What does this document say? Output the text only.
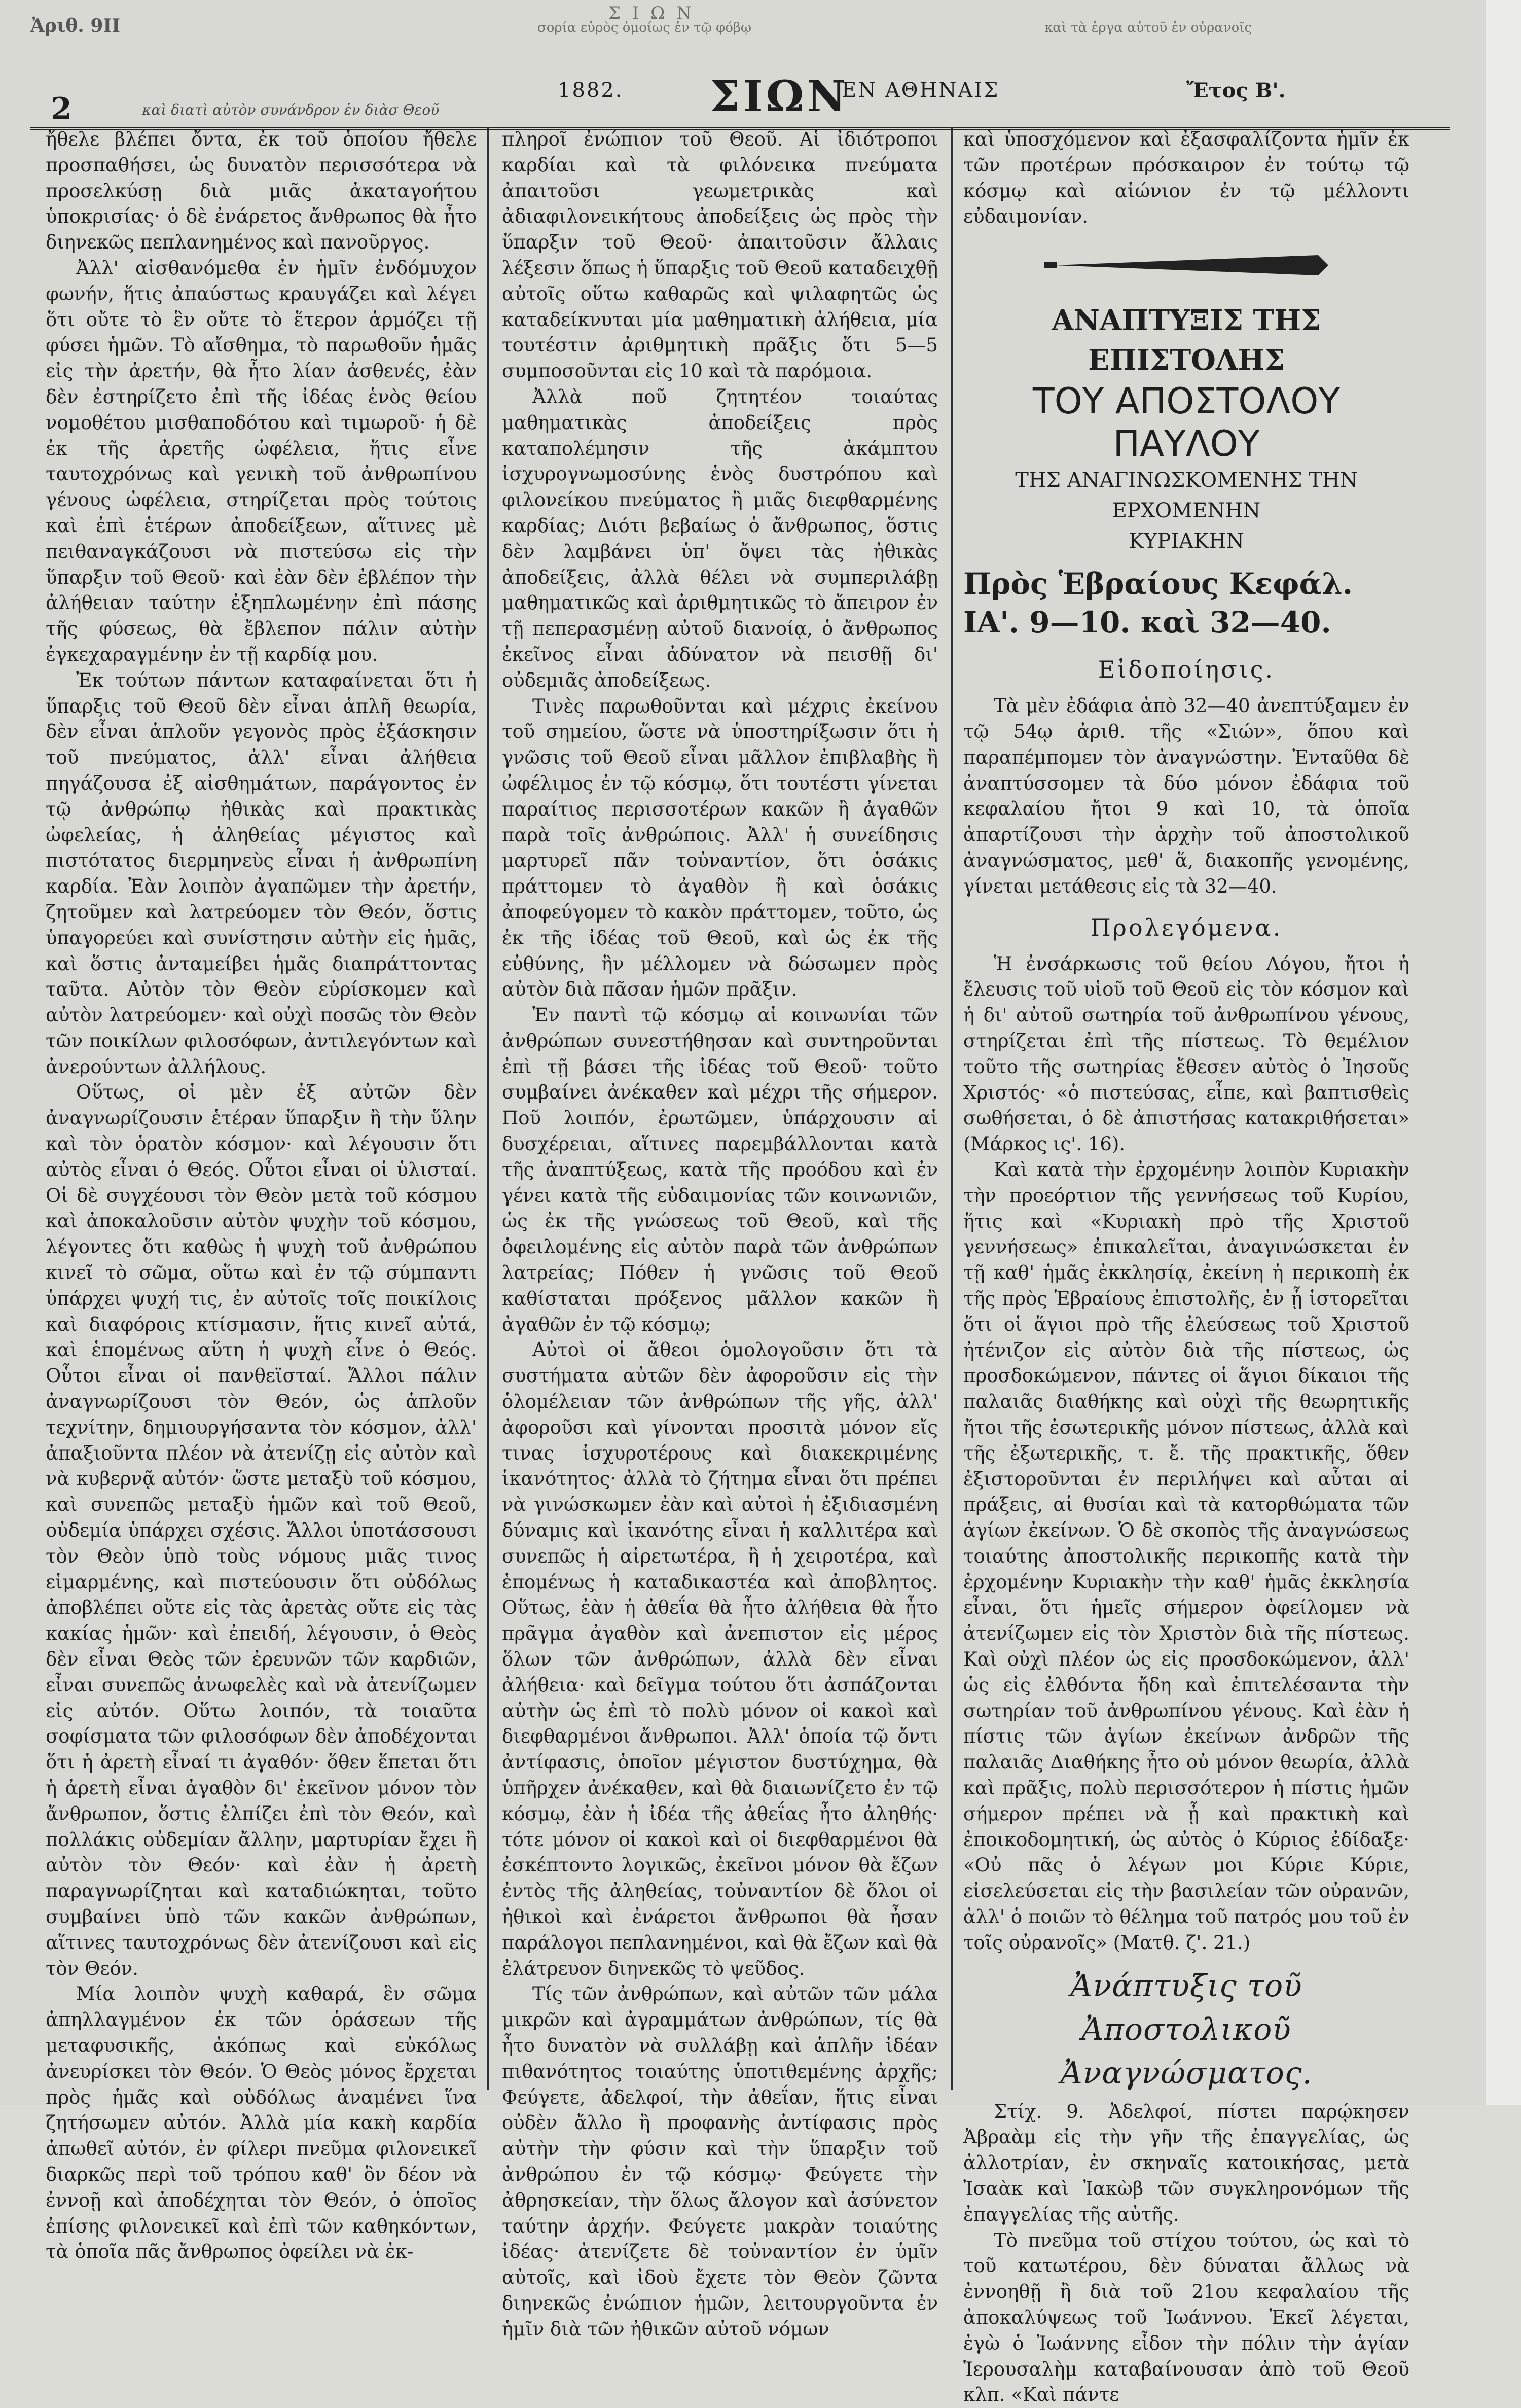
Σ Ι Ω Ν
Ἀριθ. 9ΙΙ	σορία εὐρὸς ὁμοίως ἐν τῷ φόβῳ	καὶ τὰ ἐργα αὐτοῦ ἐν οὐρανοῖς
2	καὶ διατὶ αὐτὸν συνάνδρον ἐν διὰσ Θεοῦ
1882. ΣΙΩΝ
ΕΝ ΑΘΗΝΑΙΣ	Ἔτος Β'.

ἤθελε βλέπει ὄντα, ἐκ τοῦ ὁποίου ἤθελε προσπαθήσει, ὡς δυνατὸν περισσότερα νὰ προσελκύσῃ διὰ μιᾶς ἀκαταγοήτου ὑποκρισίας· ὁ δὲ ἐνάρετος ἄνθρωπος θὰ ἦτο διηνεκῶς πεπλανημένος καὶ πανοῦργος.

Ἀλλ' αἰσθανόμεθα ἐν ἡμῖν ἐνδόμυχον φωνήν, ἥτις ἀπαύστως κραυγάζει καὶ λέγει ὅτι οὔτε τὸ ἓν οὔτε τὸ ἕτερον ἁρμόζει τῇ φύσει ἡμῶν. Τὸ αἴσθημα, τὸ παρωθοῦν ἡμᾶς εἰς τὴν ἀρετήν, θὰ ἦτο λίαν ἀσθενές, ἐὰν δὲν ἐστηρίζετο ἐπὶ τῆς ἰδέας ἑνὸς θείου νομοθέτου μισθαποδότου καὶ τιμωροῦ· ἡ δὲ ἐκ τῆς ἀρετῆς ὠφέλεια, ἥτις εἶνε ταυτοχρόνως καὶ γενικὴ τοῦ ἀνθρωπίνου γένους ὠφέλεια, στηρίζεται πρὸς τούτοις καὶ ἐπὶ ἑτέρων ἀποδείξεων, αἵτινες μὲ πειθαναγκάζουσι νὰ πιστεύσω εἰς τὴν ὕπαρξιν τοῦ Θεοῦ· καὶ ἐὰν δὲν ἐβλέπον τὴν ἀλήθειαν ταύτην ἐξηπλωμένην ἐπὶ πάσης τῆς φύσεως, θὰ ἔβλεπον πάλιν αὐτὴν ἐγκεχαραγμένην ἐν τῇ καρδίᾳ μου.

Ἐκ τούτων πάντων καταφαίνεται ὅτι ἡ ὕπαρξις τοῦ Θεοῦ δὲν εἶναι ἁπλῆ θεωρία, δὲν εἶναι ἁπλοῦν γεγονὸς πρὸς ἐξάσκησιν τοῦ πνεύματος, ἀλλ' εἶναι ἀλήθεια πηγάζουσα ἐξ αἰσθημάτων, παράγοντος ἐν τῷ ἀνθρώπῳ ἠθικὰς καὶ πρακτικὰς ὠφελείας, ἡ ἀληθείας μέγιστος καὶ πιστότατος διερμηνεὺς εἶναι ἡ ἀνθρωπίνη καρδία. Ἐὰν λοιπὸν ἀγαπῶμεν τὴν ἀρετήν, ζητοῦμεν καὶ λατρεύομεν τὸν Θεόν, ὅστις ὑπαγορεύει καὶ συνίστησιν αὐτὴν εἰς ἡμᾶς, καὶ ὅστις ἀνταμείβει ἡμᾶς διαπράττοντας ταῦτα. Αὐτὸν τὸν Θεὸν εὑρίσκομεν καὶ αὐτὸν λατρεύομεν· καὶ οὐχὶ ποσῶς τὸν Θεὸν τῶν ποικίλων φιλοσόφων, ἀντιλεγόντων καὶ ἀνερούντων ἀλλήλους.

Οὕτως, οἱ μὲν ἐξ αὐτῶν δὲν ἀναγνωρίζουσιν ἑτέραν ὕπαρξιν ἢ τὴν ὕλην καὶ τὸν ὁρατὸν κόσμον· καὶ λέγουσιν ὅτι αὐτὸς εἶναι ὁ Θεός. Οὗτοι εἶναι οἱ ὑλισταί. Οἱ δὲ συγχέουσι τὸν Θεὸν μετὰ τοῦ κόσμου καὶ ἀποκαλοῦσιν αὐτὸν ψυχὴν τοῦ κόσμου, λέγοντες ὅτι καθὼς ἡ ψυχὴ τοῦ ἀνθρώπου κινεῖ τὸ σῶμα, οὕτω καὶ ἐν τῷ σύμπαντι ὑπάρχει ψυχή τις, ἐν αὐτοῖς τοῖς ποικίλοις καὶ διαφόροις κτίσμασιν, ἥτις κινεῖ αὐτά, καὶ ἑπομένως αὕτη ἡ ψυχὴ εἶνε ὁ Θεός. Οὗτοι εἶναι οἱ πανθεϊσταί. Ἄλλοι πάλιν ἀναγνωρίζουσι τὸν Θεόν, ὡς ἁπλοῦν τεχνίτην, δημιουργήσαντα τὸν κόσμον, ἀλλ' ἀπαξιοῦντα πλέον νὰ ἀτενίζῃ εἰς αὐτὸν καὶ νὰ κυβερνᾷ αὐτόν· ὥστε μεταξὺ τοῦ κόσμου, καὶ συνεπῶς μεταξὺ ἡμῶν καὶ τοῦ Θεοῦ, οὐδεμία ὑπάρχει σχέσις. Ἄλλοι ὑποτάσσουσι τὸν Θεὸν ὑπὸ τοὺς νόμους μιᾶς τινος εἱμαρμένης, καὶ πιστεύουσιν ὅτι οὐδόλως ἀποβλέπει οὔτε εἰς τὰς ἀρετὰς οὔτε εἰς τὰς κακίας ἡμῶν· καὶ ἐπειδή, λέγουσιν, ὁ Θεὸς δὲν εἶναι Θεὸς τῶν ἐρευνῶν τῶν καρδιῶν, εἶναι συνεπῶς ἀνωφελὲς καὶ νὰ ἀτενίζωμεν εἰς αὐτόν. Οὕτω λοιπόν, τὰ τοιαῦτα σοφίσματα τῶν φιλοσόφων δὲν ἀποδέχονται ὅτι ἡ ἀρετὴ εἶναί τι ἀγαθόν· ὅθεν ἕπεται ὅτι ἡ ἀρετὴ εἶναι ἀγαθὸν δι' ἐκεῖνον μόνον τὸν ἄνθρωπον, ὅστις ἐλπίζει ἐπὶ τὸν Θεόν, καὶ πολλάκις οὐδεμίαν ἄλλην, μαρτυρίαν ἔχει ἢ αὐτὸν τὸν Θεόν· καὶ ἐὰν ἡ ἀρετὴ παραγνωρίζηται καὶ καταδιώκηται, τοῦτο συμβαίνει ὑπὸ τῶν κακῶν ἀνθρώπων, αἵτινες ταυτοχρόνως δὲν ἀτενίζουσι καὶ εἰς τὸν Θεόν.

Μία λοιπὸν ψυχὴ καθαρά, ἓν σῶμα ἀπηλλαγμένον ἐκ τῶν ὁράσεων τῆς μεταφυσικῆς, ἀκόπως καὶ εὐκόλως ἀνευρίσκει τὸν Θεόν. Ὁ Θεὸς μόνος ἔρχεται πρὸς ἡμᾶς καὶ οὐδόλως ἀναμένει ἵνα ζητήσωμεν αὐτόν. Ἀλλὰ μία κακὴ καρδία ἀπωθεῖ αὐτόν, ἐν φίλερι πνεῦμα φιλονεικεῖ διαρκῶς περὶ τοῦ τρόπου καθ' ὃν δέον νὰ ἐννοῇ καὶ ἀποδέχηται τὸν Θεόν, ὁ ὁποῖος ἐπίσης φιλονεικεῖ καὶ ἐπὶ τῶν καθηκόντων, τὰ ὁποῖα πᾶς ἄνθρωπος ὀφείλει νὰ ἐκ-

πληροῖ ἐνώπιον τοῦ Θεοῦ. Αἱ ἰδιότροποι καρδίαι καὶ τὰ φιλόνεικα πνεύματα ἀπαιτοῦσι γεωμετρικὰς καὶ ἀδιαφιλονεικήτους ἀποδείξεις ὡς πρὸς τὴν ὕπαρξιν τοῦ Θεοῦ· ἀπαιτοῦσιν ἄλλαις λέξεσιν ὅπως ἡ ὕπαρξις τοῦ Θεοῦ καταδειχθῇ αὐτοῖς οὕτω καθαρῶς καὶ ψιλαφητῶς ὡς καταδείκνυται μία μαθηματικὴ ἀλήθεια, μία τουτέστιν ἀριθμητικὴ πρᾶξις ὅτι 5—5 συμποσοῦνται εἰς 10 καὶ τὰ παρόμοια.

Ἀλλὰ ποῦ ζητητέον τοιαύτας μαθηματικὰς ἀποδείξεις πρὸς καταπολέμησιν τῆς ἀκάμπτου ἰσχυρογνωμοσύνης ἑνὸς δυστρόπου καὶ φιλονείκου πνεύματος ἢ μιᾶς διεφθαρμένης καρδίας; Διότι βεβαίως ὁ ἄνθρωπος, ὅστις δὲν λαμβάνει ὑπ' ὄψει τὰς ἠθικὰς ἀποδείξεις, ἀλλὰ θέλει νὰ συμπεριλάβῃ μαθηματικῶς καὶ ἀριθμητικῶς τὸ ἄπειρον ἐν τῇ πεπερασμένῃ αὐτοῦ διανοίᾳ, ὁ ἄνθρωπος ἐκεῖνος εἶναι ἀδύνατον νὰ πεισθῇ δι' οὐδεμιᾶς ἀποδείξεως.

Τινὲς παρωθοῦνται καὶ μέχρις ἐκείνου τοῦ σημείου, ὥστε νὰ ὑποστηρίξωσιν ὅτι ἡ γνῶσις τοῦ Θεοῦ εἶναι μᾶλλον ἐπιβλαβὴς ἢ ὠφέλιμος ἐν τῷ κόσμῳ, ὅτι τουτέστι γίνεται παραίτιος περισσοτέρων κακῶν ἢ ἀγαθῶν παρὰ τοῖς ἀνθρώποις. Ἀλλ' ἡ συνείδησις μαρτυρεῖ πᾶν τοὐναντίον, ὅτι ὁσάκις πράττομεν τὸ ἀγαθὸν ἢ καὶ ὁσάκις ἀποφεύγομεν τὸ κακὸν πράττομεν, τοῦτο, ὡς ἐκ τῆς ἰδέας τοῦ Θεοῦ, καὶ ὡς ἐκ τῆς εὐθύνης, ἣν μέλλομεν νὰ δώσωμεν πρὸς αὐτὸν διὰ πᾶσαν ἡμῶν πρᾶξιν.

Ἐν παντὶ τῷ κόσμῳ αἱ κοινωνίαι τῶν ἀνθρώπων συνεστήθησαν καὶ συντηροῦνται ἐπὶ τῇ βάσει τῆς ἰδέας τοῦ Θεοῦ· τοῦτο συμβαίνει ἀνέκαθεν καὶ μέχρι τῆς σήμερον. Ποῦ λοιπόν, ἐρωτῶμεν, ὑπάρχουσιν αἱ δυσχέρειαι, αἵτινες παρεμβάλλονται κατὰ τῆς ἀναπτύξεως, κατὰ τῆς προόδου καὶ ἐν γένει κατὰ τῆς εὐδαιμονίας τῶν κοινωνιῶν, ὡς ἐκ τῆς γνώσεως τοῦ Θεοῦ, καὶ τῆς ὀφειλομένης εἰς αὐτὸν παρὰ τῶν ἀνθρώπων λατρείας; Πόθεν ἡ γνῶσις τοῦ Θεοῦ καθίσταται πρόξενος μᾶλλον κακῶν ἢ ἀγαθῶν ἐν τῷ κόσμῳ;

Αὐτοὶ οἱ ἄθεοι ὁμολογοῦσιν ὅτι τὰ συστήματα αὐτῶν δὲν ἀφοροῦσιν εἰς τὴν ὁλομέλειαν τῶν ἀνθρώπων τῆς γῆς, ἀλλ' ἀφοροῦσι καὶ γίνονται προσιτὰ μόνον εἴς τινας ἰσχυροτέρους καὶ διακεκριμένης ἱκανότητος· ἀλλὰ τὸ ζήτημα εἶναι ὅτι πρέπει νὰ γινώσκωμεν ἐὰν καὶ αὐτοὶ ἡ ἐξιδιασμένη δύναμις καὶ ἱκανότης εἶναι ἡ καλλιτέρα καὶ συνεπῶς ἡ αἱρετωτέρα, ἢ ἡ χειροτέρα, καὶ ἑπομένως ἡ καταδικαστέα καὶ ἀποβλητος. Οὕτως, ἐὰν ἡ ἀθεΐα θὰ ἦτο ἀλήθεια θὰ ἦτο πρᾶγμα ἀγαθὸν καὶ ἀνεπιστον εἰς μέρος ὅλων τῶν ἀνθρώπων, ἀλλὰ δὲν εἶναι ἀλήθεια· καὶ δεῖγμα τούτου ὅτι ἀσπάζονται αὐτὴν ὡς ἐπὶ τὸ πολὺ μόνον οἱ κακοὶ καὶ διεφθαρμένοι ἄνθρωποι. Ἀλλ' ὁποία τῷ ὄντι ἀντίφασις, ὁποῖον μέγιστον δυστύχημα, θὰ ὑπῆρχεν ἀνέκαθεν, καὶ θὰ διαιωνίζετο ἐν τῷ κόσμῳ, ἐὰν ἡ ἰδέα τῆς ἀθεΐας ἦτο ἀληθής· τότε μόνον οἱ κακοὶ καὶ οἱ διεφθαρμένοι θὰ ἐσκέπτοντο λογικῶς, ἐκεῖνοι μόνον θὰ ἔζων ἐντὸς τῆς ἀληθείας, τοὐναντίον δὲ ὅλοι οἱ ἠθικοὶ καὶ ἐνάρετοι ἄνθρωποι θὰ ἦσαν παράλογοι πεπλανημένοι, καὶ θὰ ἔζων καὶ θὰ ἐλάτρευον διηνεκῶς τὸ ψεῦδος.

Τίς τῶν ἀνθρώπων, καὶ αὐτῶν τῶν μάλα μικρῶν καὶ ἀγραμμάτων ἀνθρώπων, τίς θὰ ἦτο δυνατὸν νὰ συλλάβῃ καὶ ἁπλῆν ἰδέαν πιθανότητος τοιαύτης ὑποτιθεμένης ἀρχῆς; Φεύγετε, ἀδελφοί, τὴν ἀθεΐαν, ἥτις εἶναι οὐδὲν ἄλλο ἢ προφανὴς ἀντίφασις πρὸς αὐτὴν τὴν φύσιν καὶ τὴν ὕπαρξιν τοῦ ἀνθρώπου ἐν τῷ κόσμῳ· Φεύγετε τὴν ἀθρησκείαν, τὴν ὅλως ἄλογον καὶ ἀσύνετον ταύτην ἀρχήν. Φεύγετε μακρὰν τοιαύτης ἰδέας· ἀτενίζετε δὲ τοὐναντίον ἐν ὑμῖν αὐτοῖς, καὶ ἰδοὺ ἔχετε τὸν Θεὸν ζῶντα διηνεκῶς ἐνώπιον ἡμῶν, λειτουργοῦντα ἐν ἡμῖν διὰ τῶν ἠθικῶν αὐτοῦ νόμων

καὶ ὑποσχόμενον καὶ ἐξασφαλίζοντα ἡμῖν ἐκ τῶν προτέρων πρόσκαιρον ἐν τούτῳ τῷ κόσμῳ καὶ αἰώνιον ἐν τῷ μέλλοντι εὐδαιμονίαν.

ΑΝΑΠΤΥΞΙΣ ΤΗΣ ΕΠΙΣΤΟΛΗΣ
ΤΟΥ ΑΠΟΣΤΟΛΟΥ ΠΑΥΛΟΥ
ΤΗΣ ΑΝΑΓΙΝΩΣΚΟΜΕΝΗΣ ΤΗΝ ΕΡΧΟΜΕΝΗΝ
ΚΥΡΙΑΚΗΝ
Πρὸς Ἑβραίους Κεφάλ. ΙΑ'. 9—10. καὶ 32—40.
Εἰδοποίησις.

Τὰ μὲν ἐδάφια ἀπὸ 32—40 ἀνεπτύξαμεν ἐν τῷ 54ῳ ἀριθ. τῆς «Σιών», ὅπου καὶ παραπέμπομεν τὸν ἀναγνώστην. Ἐνταῦθα δὲ ἀναπτύσσομεν τὰ δύο μόνον ἐδάφια τοῦ κεφαλαίου ἤτοι 9 καὶ 10, τὰ ὁποῖα ἀπαρτίζουσι τὴν ἀρχὴν τοῦ ἀποστολικοῦ ἀναγνώσματος, μεθ' ἅ, διακοπῆς γενομένης, γίνεται μετάθεσις εἰς τὰ 32—40.

Προλεγόμενα.

Ἡ ἐνσάρκωσις τοῦ θείου Λόγου, ἤτοι ἡ ἔλευσις τοῦ υἱοῦ τοῦ Θεοῦ εἰς τὸν κόσμον καὶ ἡ δι' αὐτοῦ σωτηρία τοῦ ἀνθρωπίνου γένους, στηρίζεται ἐπὶ τῆς πίστεως. Τὸ θεμέλιον τοῦτο τῆς σωτηρίας ἔθεσεν αὐτὸς ὁ Ἰησοῦς Χριστός· «ὁ πιστεύσας, εἶπε, καὶ βαπτισθεὶς σωθήσεται, ὁ δὲ ἀπιστήσας κατακριθήσεται» (Μάρκος ις'. 16).

Καὶ κατὰ τὴν ἐρχομένην λοιπὸν Κυριακὴν τὴν προεόρτιον τῆς γεννήσεως τοῦ Κυρίου, ἥτις καὶ «Κυριακὴ πρὸ τῆς Χριστοῦ γεννήσεως» ἐπικαλεῖται, ἀναγινώσκεται ἐν τῇ καθ' ἡμᾶς ἐκκλησίᾳ, ἐκείνη ἡ περικοπὴ ἐκ τῆς πρὸς Ἑβραίους ἐπιστολῆς, ἐν ᾗ ἱστορεῖται ὅτι οἱ ἅγιοι πρὸ τῆς ἐλεύσεως τοῦ Χριστοῦ ἠτένιζον εἰς αὐτὸν διὰ τῆς πίστεως, ὡς προσδοκώμενον, πάντες οἱ ἅγιοι δίκαιοι τῆς παλαιᾶς διαθήκης καὶ οὐχὶ τῆς θεωρητικῆς ἤτοι τῆς ἐσωτερικῆς μόνον πίστεως, ἀλλὰ καὶ τῆς ἐξωτερικῆς, τ. ἔ. τῆς πρακτικῆς, ὅθεν ἐξιστοροῦνται ἐν περιλήψει καὶ αὗται αἱ πράξεις, αἱ θυσίαι καὶ τὰ κατορθώματα τῶν ἁγίων ἐκείνων. Ὁ δὲ σκοπὸς τῆς ἀναγνώσεως τοιαύτης ἀποστολικῆς περικοπῆς κατὰ τὴν ἐρχομένην Κυριακὴν τὴν καθ' ἡμᾶς ἐκκλησία εἶναι, ὅτι ἡμεῖς σήμερον ὀφείλομεν νὰ ἀτενίζωμεν εἰς τὸν Χριστὸν διὰ τῆς πίστεως. Καὶ οὐχὶ πλέον ὡς εἰς προσδοκώμενον, ἀλλ' ὡς εἰς ἐλθόντα ἤδη καὶ ἐπιτελέσαντα τὴν σωτηρίαν τοῦ ἀνθρωπίνου γένους. Καὶ ἐὰν ἡ πίστις τῶν ἁγίων ἐκείνων ἀνδρῶν τῆς παλαιᾶς Διαθήκης ἦτο οὐ μόνον θεωρία, ἀλλὰ καὶ πρᾶξις, πολὺ περισσότερον ἡ πίστις ἡμῶν σήμερον πρέπει νὰ ᾖ καὶ πρακτικὴ καὶ ἐποικοδομητική, ὡς αὐτὸς ὁ Κύριος ἐδίδαξε· «Οὐ πᾶς ὁ λέγων μοι Κύριε Κύριε, εἰσελεύσεται εἰς τὴν βασιλείαν τῶν οὐρανῶν, ἀλλ' ὁ ποιῶν τὸ θέλημα τοῦ πατρός μου τοῦ ἐν τοῖς οὐρανοῖς» (Ματθ. ζ'. 21.)

Ἀνάπτυξις τοῦ Ἀποστολικοῦ Ἀναγνώσματος.

Στίχ. 9. Ἀδελφοί, πίστει παρῴκησεν Ἀβραὰμ εἰς τὴν γῆν τῆς ἐπαγγελίας, ὡς ἀλλοτρίαν, ἐν σκηναῖς κατοικήσας, μετὰ Ἰσαὰκ καὶ Ἰακὼβ τῶν συγκληρονόμων τῆς ἐπαγγελίας τῆς αὐτῆς.

Τὸ πνεῦμα τοῦ στίχου τούτου, ὡς καὶ τὸ τοῦ κατωτέρου, δὲν δύναται ἄλλως νὰ ἐννοηθῇ ἢ διὰ τοῦ 21ου κεφαλαίου τῆς ἀποκαλύψεως τοῦ Ἰωάννου. Ἐκεῖ λέγεται, ἐγὼ ὁ Ἰωάννης εἶδον τὴν πόλιν τὴν ἁγίαν Ἱερουσαλὴμ καταβαίνουσαν ἀπὸ τοῦ Θεοῦ κλπ. «Καὶ πάντε
